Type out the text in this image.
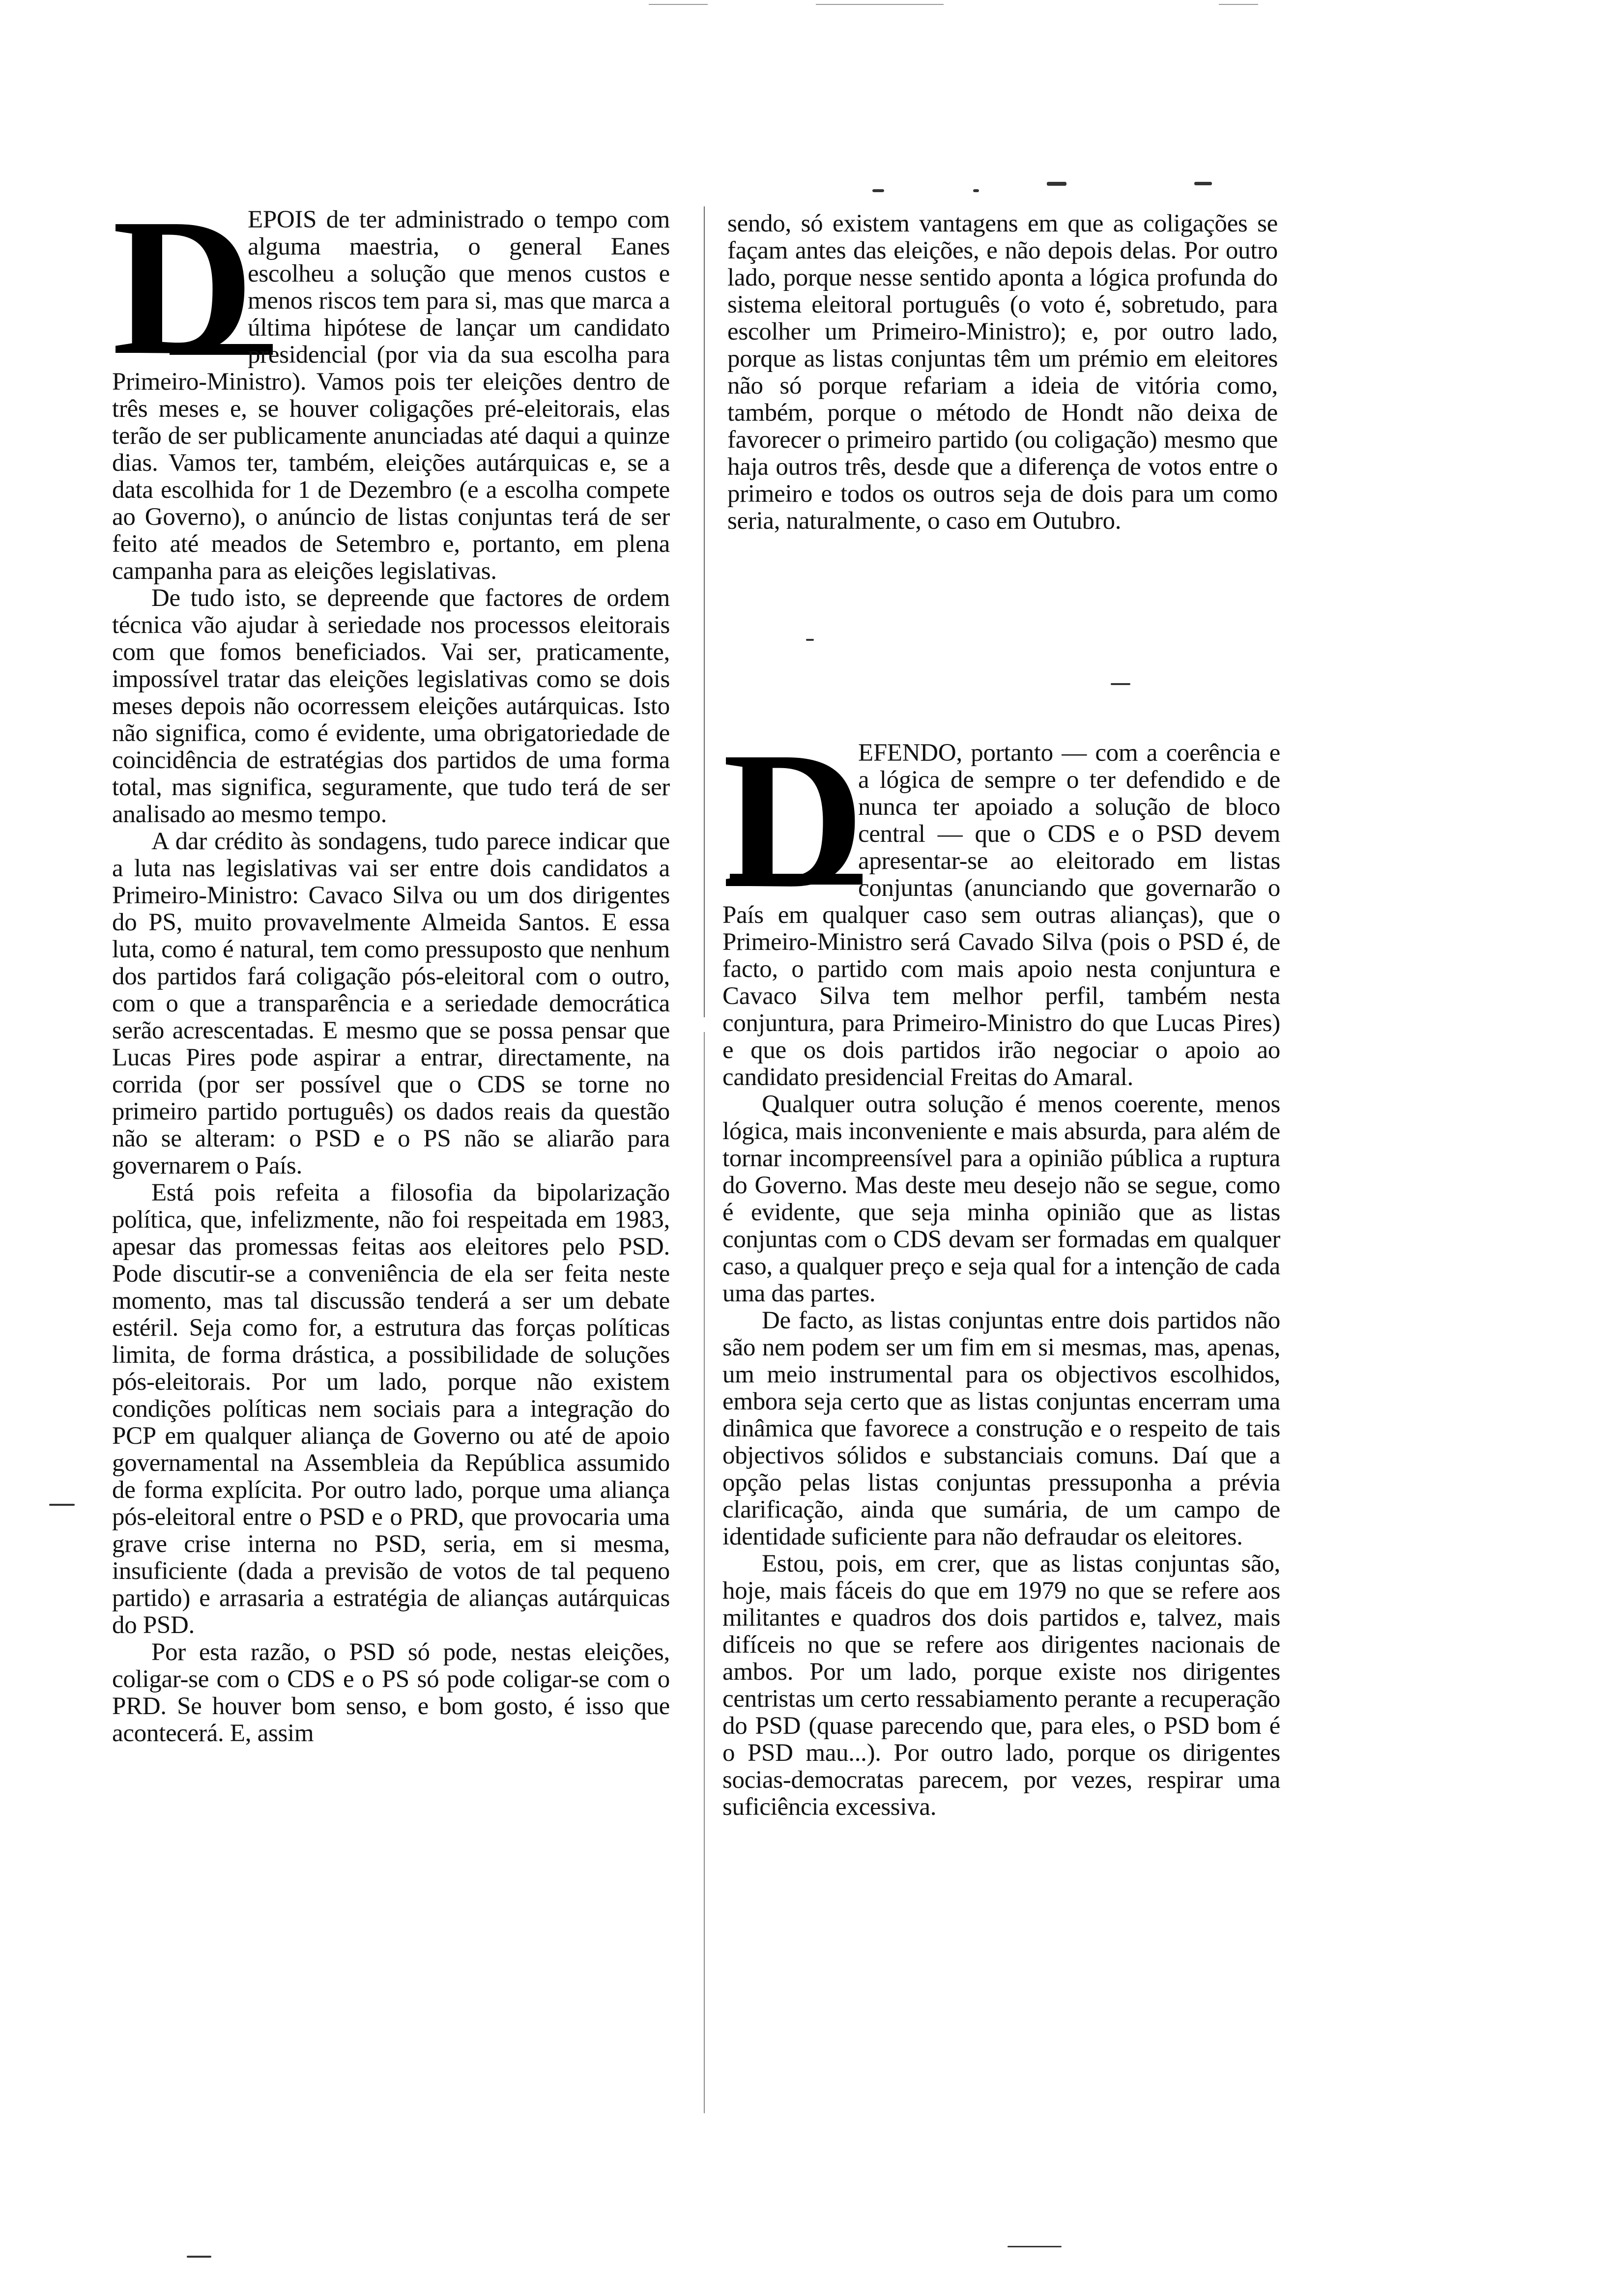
D

EPOIS de ter administrado o tempo com alguma maestria, o general Eanes escolheu a solução que menos custos e menos riscos tem para si, mas que marca a última hipótese de lançar um candidato presidencial (por via da sua escolha para Primeiro-Ministro). Vamos pois ter eleições dentro de três meses e, se houver coligações pré-eleitorais, elas terão de ser publicamente anunciadas até daqui a quinze dias. Vamos ter, também, eleições autárquicas e, se a data escolhida for 1 de Dezembro (e a escolha compete ao Governo), o anúncio de listas conjuntas terá de ser feito até meados de Setembro e, portanto, em plena campanha para as eleições legislativas.

De tudo isto, se depreende que factores de ordem técnica vão ajudar à seriedade nos processos eleitorais com que fomos beneficiados. Vai ser, praticamente, impossível tratar das eleições legislativas como se dois meses depois não ocorressem eleições autárquicas. Isto não significa, como é evidente, uma obrigatoriedade de coincidência de estratégias dos partidos de uma forma total, mas significa, seguramente, que tudo terá de ser analisado ao mesmo tempo.

A dar crédito às sondagens, tudo parece indicar que a luta nas legislativas vai ser entre dois candidatos a Primeiro-Ministro: Cavaco Silva ou um dos dirigentes do PS, muito provavelmente Almeida Santos. E essa luta, como é natural, tem como pressuposto que nenhum dos partidos fará coligação pós-eleitoral com o outro, com o que a transparência e a seriedade democrática serão acrescentadas. E mesmo que se possa pensar que Lucas Pires pode aspirar a entrar, directamente, na corrida (por ser possível que o CDS se torne no primeiro partido português) os dados reais da questão não se alteram: o PSD e o PS não se aliarão para governarem o País.

Está pois refeita a filosofia da bipolarização política, que, infelizmente, não foi respeitada em 1983, apesar das promessas feitas aos eleitores pelo PSD. Pode discutir-se a conveniência de ela ser feita neste momento, mas tal discussão tenderá a ser um debate estéril. Seja como for, a estrutura das forças políticas limita, de forma drástica, a possibilidade de soluções pós-eleitorais. Por um lado, porque não existem condições políticas nem sociais para a integração do PCP em qualquer aliança de Governo ou até de apoio governamental na Assembleia da República assumido de forma explícita. Por outro lado, porque uma aliança pós-eleitoral entre o PSD e o PRD, que provocaria uma grave crise interna no PSD, seria, em si mesma, insuficiente (dada a previsão de votos de tal pequeno partido) e arrasaria a estratégia de alianças autárquicas do PSD.

Por esta razão, o PSD só pode, nestas eleições, coligar-se com o CDS e o PS só pode coligar-se com o PRD. Se houver bom senso, e bom gosto, é isso que acontecerá. E, assim

sendo, só existem vantagens em que as coligações se façam antes das eleições, e não depois delas. Por outro lado, porque nesse sentido aponta a lógica profunda do sistema eleitoral português (o voto é, sobretudo, para escolher um Primeiro-Ministro); e, por outro lado, porque as listas conjuntas têm um prémio em eleitores não só porque refariam a ideia de vitória como, também, porque o método de Hondt não deixa de favorecer o primeiro partido (ou coligação) mesmo que haja outros três, desde que a diferença de votos entre o primeiro e todos os outros seja de dois para um como seria, naturalmente, o caso em Outubro.

D

EFENDO, portanto — com a coerência e a lógica de sempre o ter defendido e de nunca ter apoiado a solução de bloco central — que o CDS e o PSD devem apresentar-se ao eleitorado em listas conjuntas (anunciando que governarão o País em qualquer caso sem outras alianças), que o Primeiro-Ministro será Cavado Silva (pois o PSD é, de facto, o partido com mais apoio nesta conjuntura e Cavaco Silva tem melhor perfil, também nesta conjuntura, para Primeiro-Ministro do que Lucas Pires) e que os dois partidos irão negociar o apoio ao candidato presidencial Freitas do Amaral.

Qualquer outra solução é menos coerente, menos lógica, mais inconveniente e mais absurda, para além de tornar incompreensível para a opinião pública a ruptura do Governo. Mas deste meu desejo não se segue, como é evidente, que seja minha opinião que as listas conjuntas com o CDS devam ser formadas em qualquer caso, a qualquer preço e seja qual for a intenção de cada uma das partes.

De facto, as listas conjuntas entre dois partidos não são nem podem ser um fim em si mesmas, mas, apenas, um meio instrumental para os objectivos escolhidos, embora seja certo que as listas conjuntas encerram uma dinâmica que favorece a construção e o respeito de tais objectivos sólidos e substanciais comuns. Daí que a opção pelas listas conjuntas pressuponha a prévia clarificação, ainda que sumária, de um campo de identidade suficiente para não defraudar os eleitores.

Estou, pois, em crer, que as listas conjuntas são, hoje, mais fáceis do que em 1979 no que se refere aos militantes e quadros dos dois partidos e, talvez, mais difíceis no que se refere aos dirigentes nacionais de ambos. Por um lado, porque existe nos dirigentes centristas um certo ressabiamento perante a recuperação do PSD (quase parecendo que, para eles, o PSD bom é o PSD mau...). Por outro lado, porque os dirigentes socias-democratas parecem, por vezes, respirar uma suficiência excessiva.
